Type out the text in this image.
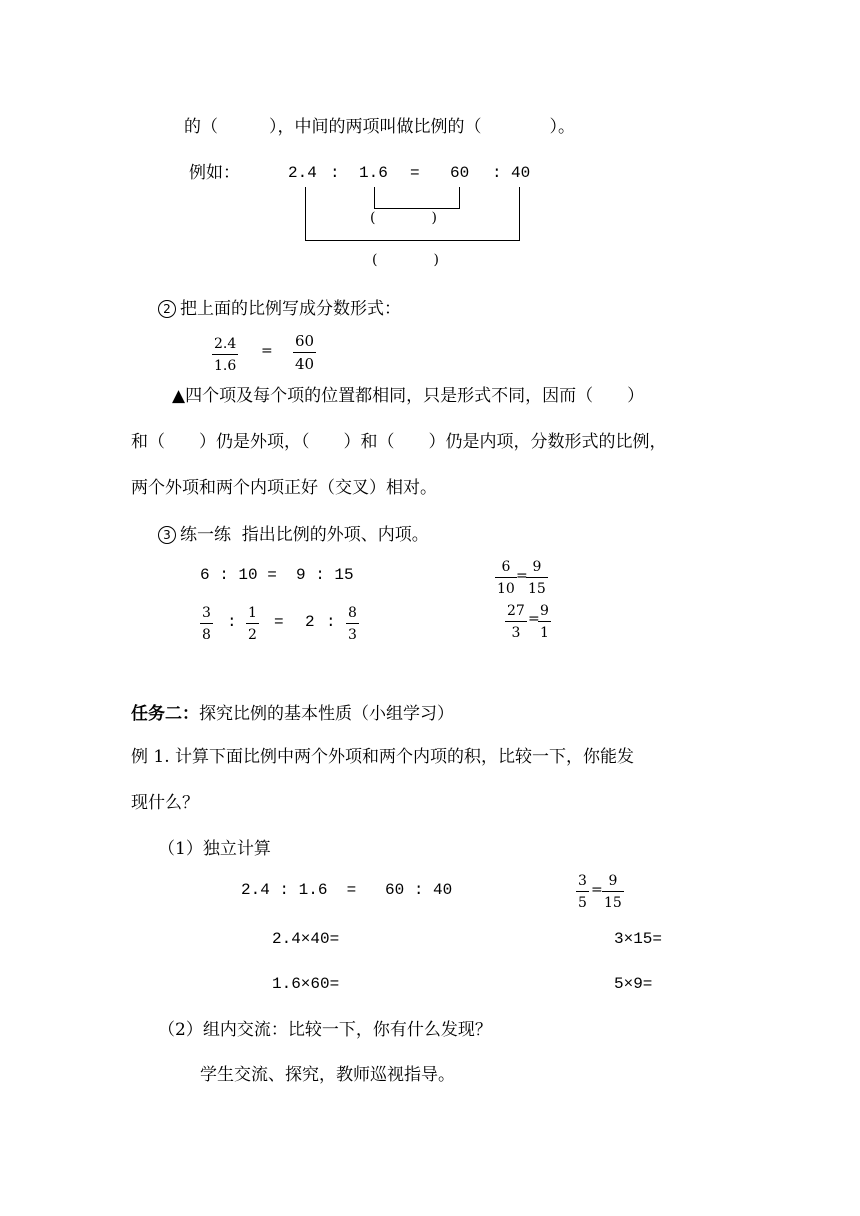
的（　　　），中间的两项叫做比例的（　　　　）。
例如：	2.4 : 1.6 = 60 : 40
(　　　　)
(　　　　)
2 把上面的比例写成分数形式：
2.4
1.6
=
60
40
▲四个项及每个项的位置都相同，只是形式不同，因而（　　）
和（　　）仍是外项，（　　）和（　　）仍是内项，分数形式的比例，
两个外项和两个内项正好（交叉）相对。
3 练一练  指出比例的外项、内项。
6 : 10 =  9 : 15	6
10
=
9
15
3
8
: 1
2
= 2 : 8
3
27
3
= 9
1
任务二：探究比例的基本性质（小组学习）
例 1. 计算下面比例中两个外项和两个内项的积，比较一下，你能发
现什么？
（1）独立计算
2.4 : 1.6  =   60 : 40	3
5
=
9
15
2.4×40=
1.6×60=
3×15=
5×9=
（2）组内交流：比较一下，你有什么发现？
学生交流、探究，教师巡视指导。
